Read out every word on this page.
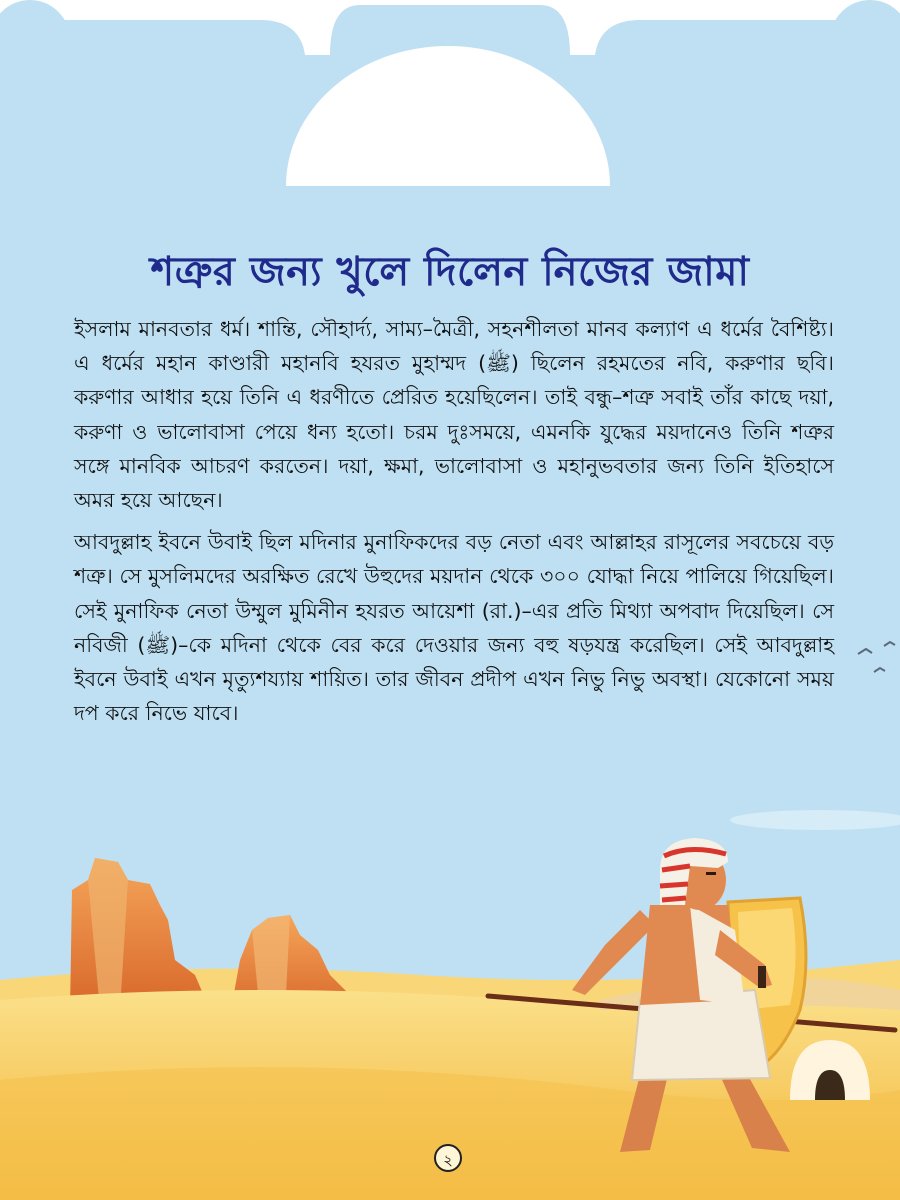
শত্রুর জন্য খুলে দিলেন নিজের জামা

ইসলাম মানবতার ধর্ম। শান্তি, সৌহার্দ্য, সাম্য–মৈত্রী, সহনশীলতা মানব কল্যাণ এ ধর্মের বৈশিষ্ট্য। এ ধর্মের মহান কাণ্ডারী মহানবি হযরত মুহাম্মদ (ﷺ) ছিলেন রহমতের নবি, করুণার ছবি। করুণার আধার হয়ে তিনি এ ধরণীতে প্রেরিত হয়েছিলেন। তাই বন্ধু–শত্রু সবাই তাঁর কাছে দয়া, করুণা ও ভালোবাসা পেয়ে ধন্য হতো। চরম দুঃসময়ে, এমনকি যুদ্ধের ময়দানেও তিনি শত্রুর সঙ্গে মানবিক আচরণ করতেন। দয়া, ক্ষমা, ভালোবাসা ও মহানুভবতার জন্য তিনি ইতিহাসে অমর হয়ে আছেন।

আবদুল্লাহ ইবনে উবাই ছিল মদিনার মুনাফিকদের বড় নেতা এবং আল্লাহর রাসূলের সবচেয়ে বড় শত্রু। সে মুসলিমদের অরক্ষিত রেখে উহুদের ময়দান থেকে ৩০০ যোদ্ধা নিয়ে পালিয়ে গিয়েছিল। সেই মুনাফিক নেতা উম্মুল মুমিনীন হযরত আয়েশা (রা.)–এর প্রতি মিথ্যা অপবাদ দিয়েছিল। সে নবিজী (ﷺ)–কে মদিনা থেকে বের করে দেওয়ার জন্য বহু ষড়যন্ত্র করেছিল। সেই আবদুল্লাহ ইবনে উবাই এখন মৃত্যুশয্যায় শায়িত। তার জীবন প্রদীপ এখন নিভু নিভু অবস্থা। যেকোনো সময় দপ করে নিভে যাবে।

২
